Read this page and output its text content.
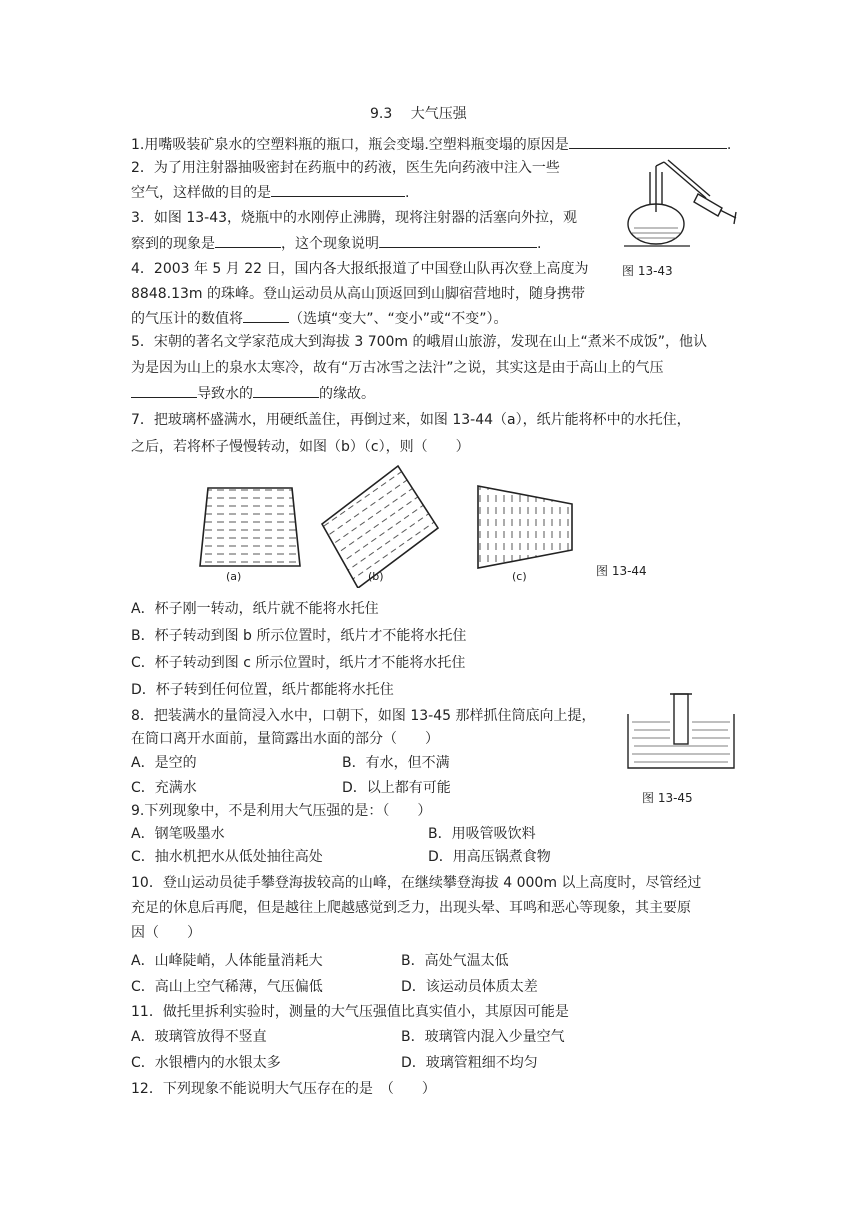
9.3　 大气压强
1.用嘴吸装矿泉水的空塑料瓶的瓶口，瓶会变塌.空塑料瓶变塌的原因是	.
2．为了用注射器抽吸密封在药瓶中的药液，医生先向药液中注入一些
空气，这样做的目的是	.
3．如图 13-43，烧瓶中的水刚停止沸腾，现将注射器的活塞向外拉，观
察到的现象是	，这个现象说明	.
图 13-43
4．2003 年 5 月 22 日，国内各大报纸报道了中国登山队再次登上高度为
8848.13m 的珠峰。登山运动员从高山顶返回到山脚宿营地时，随身携带
的气压计的数值将	（选填“变大”、“变小”或“不变”）。
5．宋朝的著名文学家范成大到海拔 3 700m 的峨眉山旅游，发现在山上“煮米不成饭”，他认
为是因为山上的泉水太寒冷，故有“万古冰雪之法汁”之说，其实这是由于高山上的气压
导致水的	的缘故。
7．把玻璃杯盛满水，用硬纸盖住，再倒过来，如图 13-44（a），纸片能将杯中的水托住，
之后，若将杯子慢慢转动，如图（b）（c），则（　　）
(a)	(b)	(c)	图 13-44
A．杯子刚一转动，纸片就不能将水托住
B．杯子转动到图 b 所示位置时，纸片才不能将水托住
C．杯子转动到图 c 所示位置时，纸片才不能将水托住
D．杯子转到任何位置，纸片都能将水托住
8．把装满水的量筒浸入水中，口朝下，如图 13-45 那样抓住筒底向上提，
在筒口离开水面前，量筒露出水面的部分（　　）
A．是空的	B．有水，但不满
C．充满水	D．以上都有可能
图 13-45
9.下列现象中，不是利用大气压强的是：（　　）
A．钢笔吸墨水	B．用吸管吸饮料
C．抽水机把水从低处抽往高处	D．用高压锅煮食物
10．登山运动员徒手攀登海拔较高的山峰，在继续攀登海拔 4 000m 以上高度时，尽管经过
充足的休息后再爬，但是越往上爬越感觉到乏力，出现头晕、耳鸣和恶心等现象，其主要原
因（　　）
A．山峰陡峭，人体能量消耗大	B．高处气温太低
C．高山上空气稀薄，气压偏低	D．该运动员体质太差
11．做托里拆利实验时，测量的大气压强值比真实值小，其原因可能是
A．玻璃管放得不竖直	B．玻璃管内混入少量空气
C．水银槽内的水银太多	D．玻璃管粗细不均匀
12．下列现象不能说明大气压存在的是　（　　）
